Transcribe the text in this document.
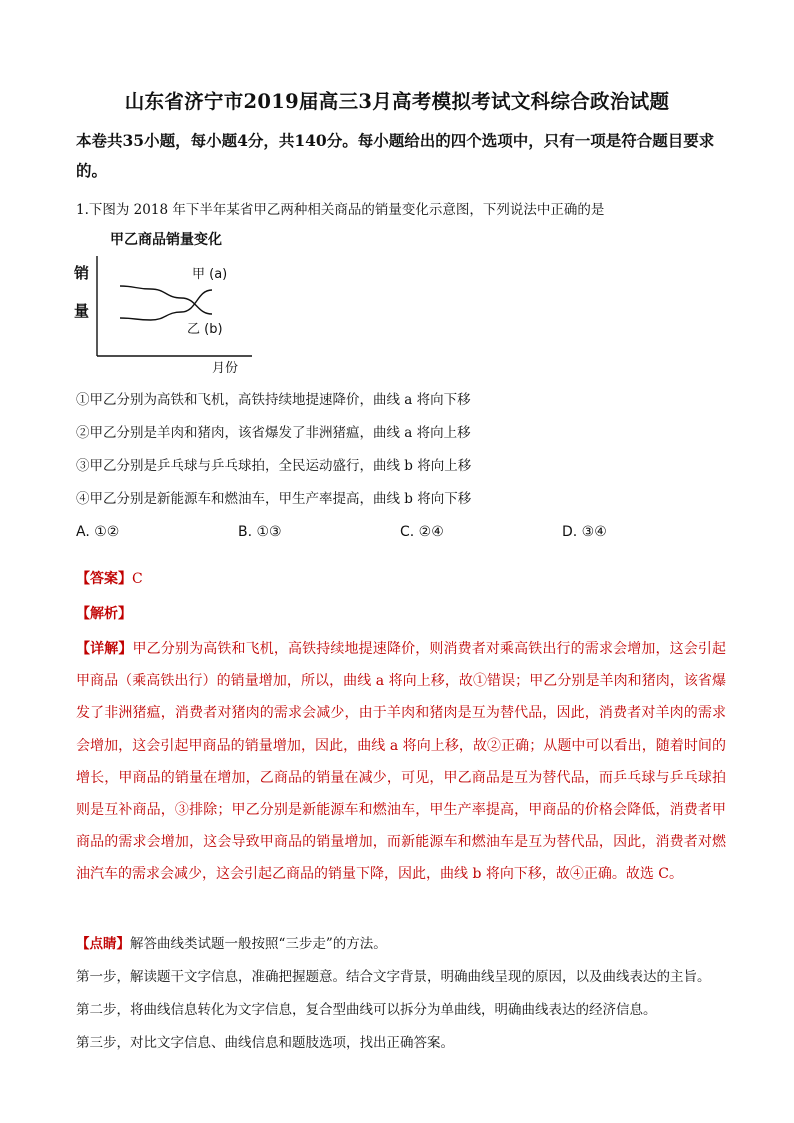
山东省济宁市2019届高三3月高考模拟考试文科综合政治试题
本卷共35小题，每小题4分，共140分。每小题给出的四个选项中，只有一项是符合题目要求的。
1.下图为 2018 年下半年某省甲乙两种相关商品的销量变化示意图，下列说法中正确的是
甲乙商品销量变化
销
量
月份
甲 (a)
乙 (b)
①甲乙分别为高铁和飞机，高铁持续地提速降价，曲线 a 将向下移
②甲乙分别是羊肉和猪肉，该省爆发了非洲猪瘟，曲线 a 将向上移
③甲乙分别是乒乓球与乒乓球拍，全民运动盛行，曲线 b 将向上移
④甲乙分别是新能源车和燃油车，甲生产率提高，曲线 b 将向下移
A. ①②	B. ①③	C. ②④	D. ③④
【答案】C
【解析】
【详解】甲乙分别为高铁和飞机，高铁持续地提速降价，则消费者对乘高铁出行的需求会增加，这会引起甲商品（乘高铁出行）的销量增加，所以，曲线 a 将向上移，故①错误；甲乙分别是羊肉和猪肉，该省爆发了非洲猪瘟，消费者对猪肉的需求会减少，由于羊肉和猪肉是互为替代品，因此，消费者对羊肉的需求会增加，这会引起甲商品的销量增加，因此，曲线 a 将向上移，故②正确；从题中可以看出，随着时间的增长，甲商品的销量在增加，乙商品的销量在减少，可见，甲乙商品是互为替代品，而乒乓球与乒乓球拍则是互补商品，③排除；甲乙分别是新能源车和燃油车，甲生产率提高，甲商品的价格会降低，消费者甲商品的需求会增加，这会导致甲商品的销量增加，而新能源车和燃油车是互为替代品，因此，消费者对燃油汽车的需求会减少，这会引起乙商品的销量下降，因此，曲线 b 将向下移，故④正确。故选 C。
【点睛】解答曲线类试题一般按照“三步走”的方法。
第一步，解读题干文字信息，准确把握题意。结合文字背景，明确曲线呈现的原因，以及曲线表达的主旨。
第二步，将曲线信息转化为文字信息，复合型曲线可以拆分为单曲线，明确曲线表达的经济信息。
第三步，对比文字信息、曲线信息和题肢选项，找出正确答案。
